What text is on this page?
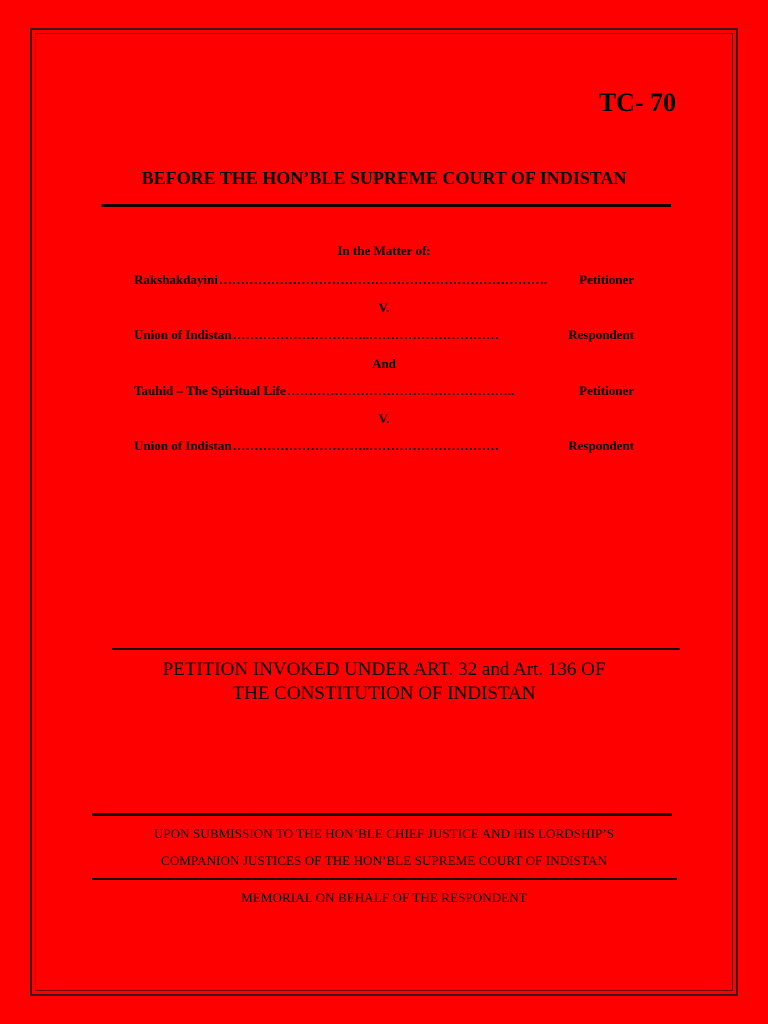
TC- 70
BEFORE THE HON’BLE SUPREME COURT OF INDISTAN
In the Matter of:
Rakshakdayini ………………………………………………………………….	Petitioner
V.
Union of Indistan …………………………..…………………………	Respondent
And
Tauhid – The Spiritual Life ……………………………………………..	Petitioner
V.
Union of Indistan …………………………..…………………………	Respondent
PETITION INVOKED UNDER ART. 32 and Art. 136 OF
THE CONSTITUTION OF INDISTAN
UPON SUBMISSION TO THE HON’BLE CHIEF JUSTICE AND HIS LORDSHIP’S
COMPANION JUSTICES OF THE HON’BLE SUPREME COURT OF INDISTAN
MEMORIAL ON BEHALF OF THE RESPONDENT
